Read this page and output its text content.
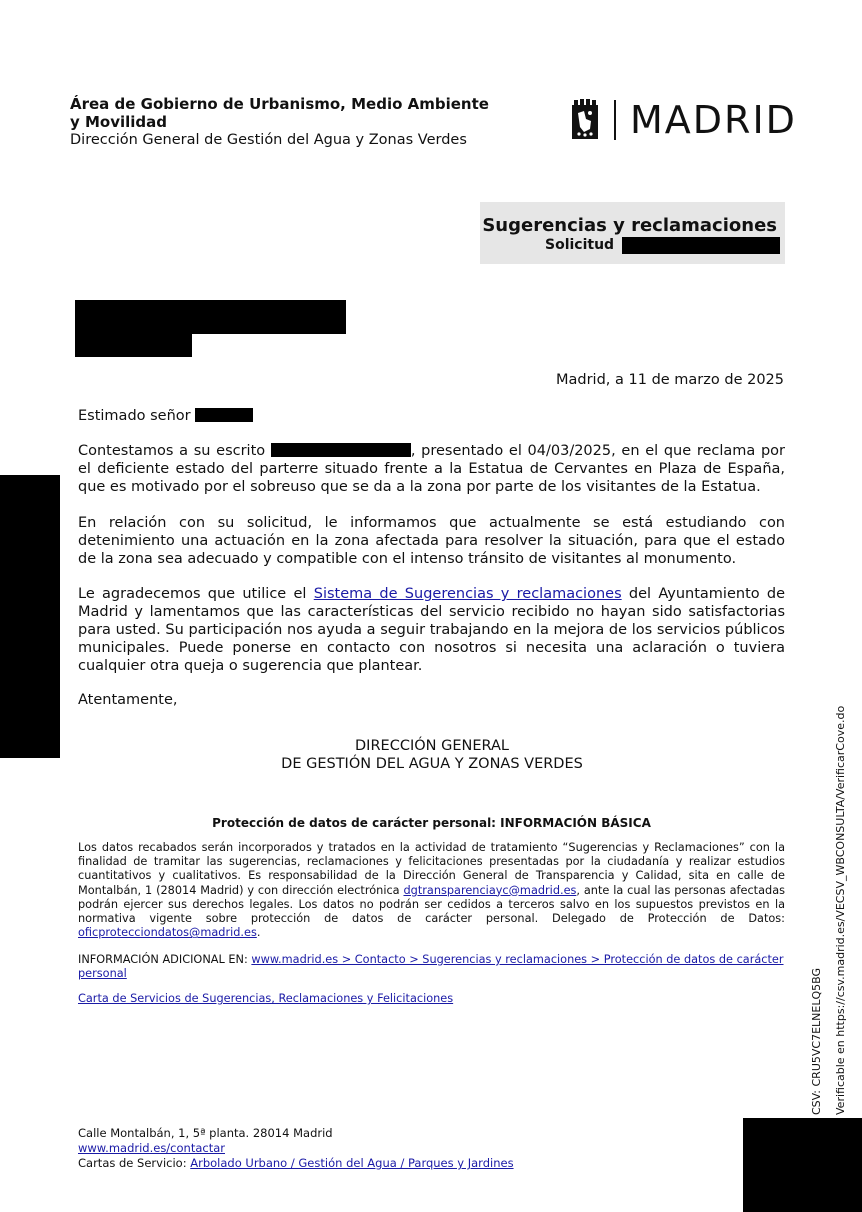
Área de Gobierno de Urbanismo, Medio Ambiente y Movilidad
Dirección General de Gestión del Agua y Zonas Verdes	MADRID
Sugerencias y reclamaciones
Solicitud
Madrid, a 11 de marzo de 2025
Estimado señor
Contestamos a su escrito	, presentado el 04/03/2025, en el que reclama por el deficiente estado del parterre situado frente a la Estatua de Cervantes en Plaza de España, que es motivado por el sobreuso que se da a la zona por parte de los visitantes de la Estatua.
En relación con su solicitud, le informamos que actualmente se está estudiando con detenimiento una actuación en la zona afectada para resolver la situación, para que el estado de la zona sea adecuado y compatible con el intenso tránsito de visitantes al monumento.
Le agradecemos que utilice el Sistema de Sugerencias y reclamaciones del Ayuntamiento de Madrid y lamentamos que las características del servicio recibido no hayan sido satisfactorias para usted. Su participación nos ayuda a seguir trabajando en la mejora de los servicios públicos municipales. Puede ponerse en contacto con nosotros si necesita una aclaración o tuviera cualquier otra queja o sugerencia que plantear.
Atentamente,
DIRECCIÓN GENERAL
DE GESTIÓN DEL AGUA Y ZONAS VERDES
Protección de datos de carácter personal: INFORMACIÓN BÁSICA
Los datos recabados serán incorporados y tratados en la actividad de tratamiento “Sugerencias y Reclamaciones” con la finalidad de tramitar las sugerencias, reclamaciones y felicitaciones presentadas por la ciudadanía y realizar estudios cuantitativos y cualitativos. Es responsabilidad de la Dirección General de Transparencia y Calidad, sita en calle de Montalbán, 1 (28014 Madrid) y con dirección electrónica dgtransparenciayc@madrid.es, ante la cual las personas afectadas podrán ejercer sus derechos legales. Los datos no podrán ser cedidos a terceros salvo en los supuestos previstos en la normativa vigente sobre protección de datos de carácter personal. Delegado de Protección de Datos: oficprotecciondatos@madrid.es.
INFORMACIÓN ADICIONAL EN: www.madrid.es > Contacto > Sugerencias y reclamaciones > Protección de datos de carácter personal
Carta de Servicios de Sugerencias, Reclamaciones y Felicitaciones
Calle Montalbán, 1, 5ª planta. 28014 Madrid
www.madrid.es/contactar
Cartas de Servicio: Arbolado Urbano / Gestión del Agua / Parques y Jardines
CSV: CRU5VC7ELNELQ5BG Verificable en https://csv.madrid.es/VECSV_WBCONSULTA/VerificarCove.do
